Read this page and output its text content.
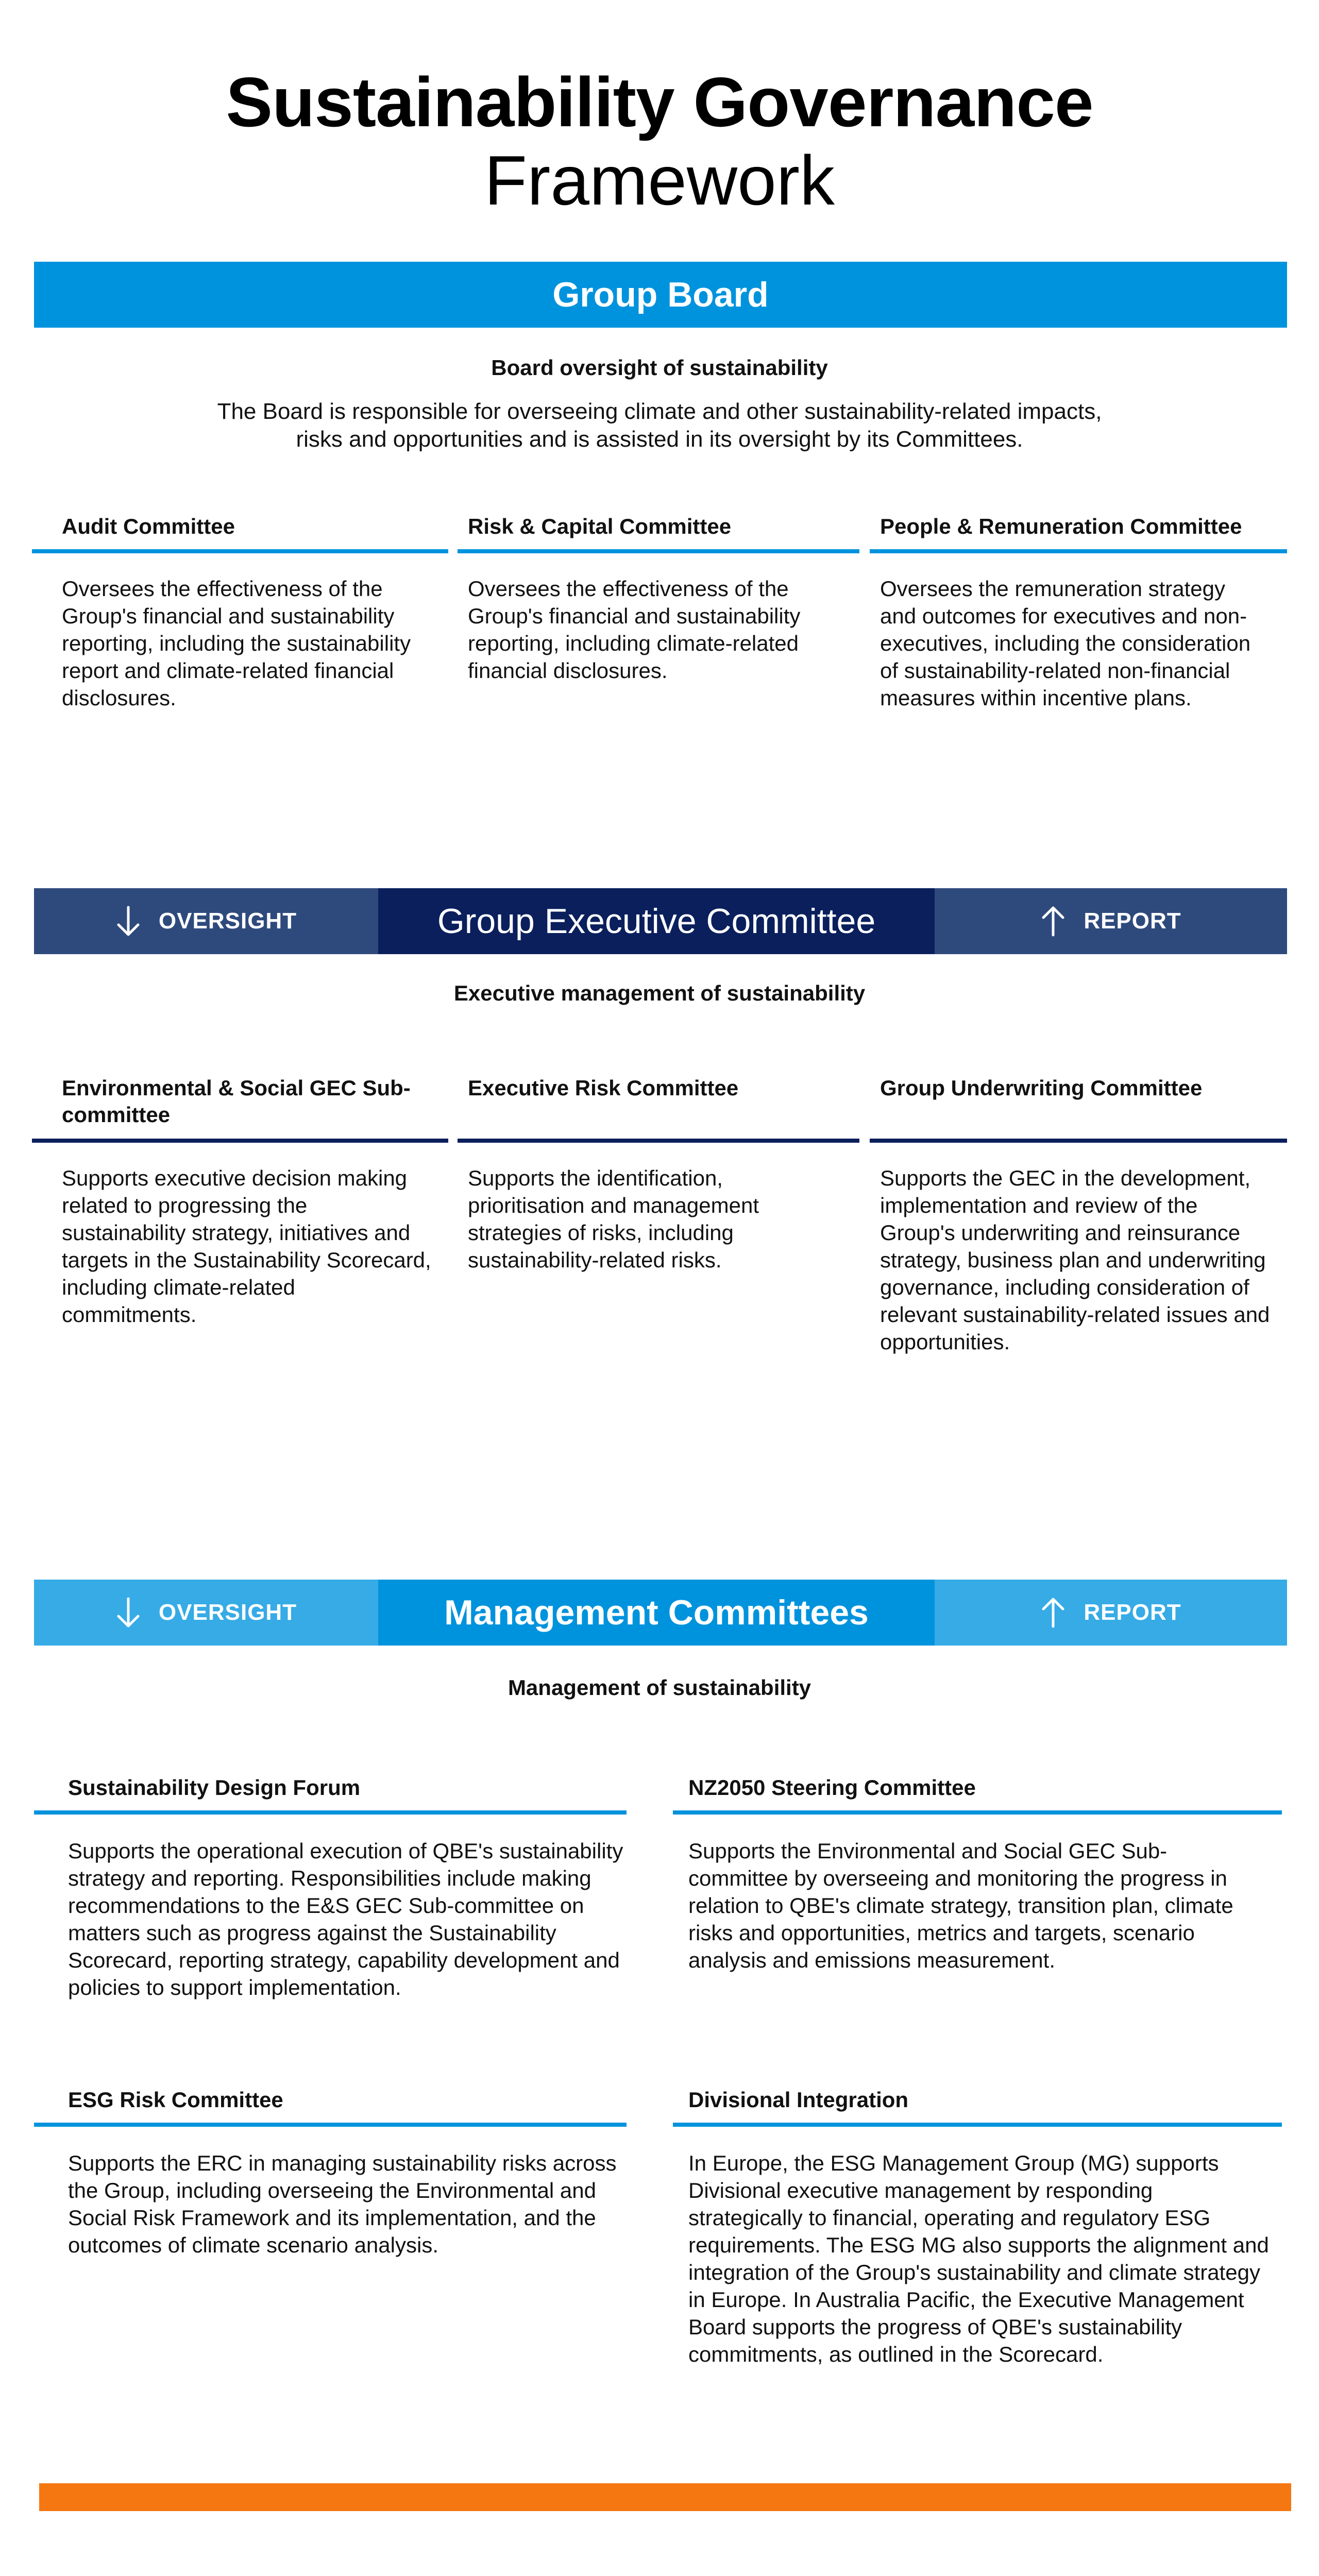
Sustainability Governance
Framework
Group Board
Board oversight of sustainability
The Board is responsible for overseeing climate and other sustainability-related impacts, risks and opportunities and is assisted in its oversight by its Committees.
Audit Committee
Oversees the effectiveness of the Group's financial and sustainability reporting, including the sustainability report and climate-related financial disclosures.
Risk & Capital Committee
Oversees the effectiveness of the Group's financial and sustainability reporting, including climate-related financial disclosures.
People & Remuneration Committee
Oversees the remuneration strategy and outcomes for executives and non- executives, including the consideration of sustainability-related non-financial measures within incentive plans.
OVERSIGHT	Group Executive Committee	REPORT
Executive management of sustainability
Environmental & Social GEC Sub-committee
Supports executive decision making related to progressing the sustainability strategy, initiatives and targets in the Sustainability Scorecard, including climate-related commitments.
Executive Risk Committee
Supports the identification, prioritisation and management strategies of risks, including sustainability-related risks.
Group Underwriting Committee
Supports the GEC in the development, implementation and review of the Group's underwriting and reinsurance strategy, business plan and underwriting governance, including consideration of relevant sustainability-related issues and opportunities.
OVERSIGHT	Management Committees	REPORT
Management of sustainability
Sustainability Design Forum
Supports the operational execution of QBE's sustainability strategy and reporting. Responsibilities include making recommendations to the E&S GEC Sub-committee on matters such as progress against the Sustainability Scorecard, reporting strategy, capability development and policies to support implementation.
NZ2050 Steering Committee
Supports the Environmental and Social GEC Sub-committee by overseeing and monitoring the progress in relation to QBE's climate strategy, transition plan, climate risks and opportunities, metrics and targets, scenario analysis and emissions measurement.
ESG Risk Committee
Supports the ERC in managing sustainability risks across the Group, including overseeing the Environmental and Social Risk Framework and its implementation, and the outcomes of climate scenario analysis.
Divisional Integration
In Europe, the ESG Management Group (MG) supports Divisional executive management by responding strategically to financial, operating and regulatory ESG requirements. The ESG MG also supports the alignment and integration of the Group's sustainability and climate strategy in Europe. In Australia Pacific, the Executive Management Board supports the progress of QBE's sustainability commitments, as outlined in the Scorecard.
